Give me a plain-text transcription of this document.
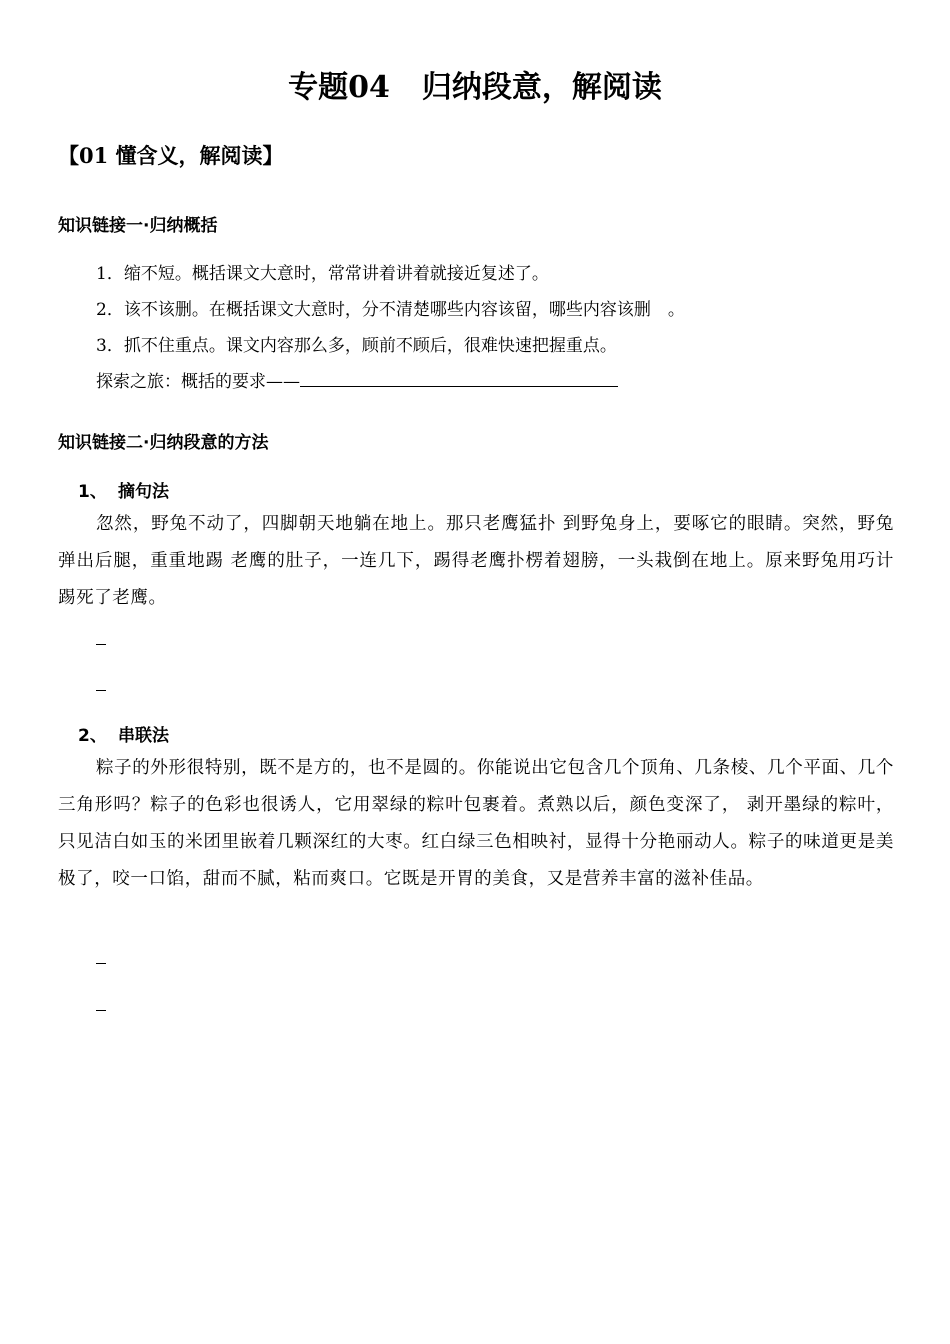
专题04 归纳段意，解阅读
【01 懂含义，解阅读】
知识链接一·归纳概括
1．缩不短。概括课文大意时，常常讲着讲着就接近复述了。
2．该不该删。在概括课文大意时，分不清楚哪些内容该留，哪些内容该删　。
3．抓不住重点。课文内容那么多，顾前不顾后，很难快速把握重点。
探索之旅：概括的要求——
知识链接二·归纳段意的方法
1、 摘句法
忽然，野兔不动了，四脚朝天地躺在地上。那只老鹰猛扑 到野兔身上，要啄它的眼睛。突然，野兔弹出后腿，重重地踢 老鹰的肚子，一连几下，踢得老鹰扑楞着翅膀，一头栽倒在地上。原来野兔用巧计踢死了老鹰。
2、 串联法
粽子的外形很特别，既不是方的，也不是圆的。你能说出它包含几个顶角、几条棱、几个平面、几个三角形吗？粽子的色彩也很诱人，它用翠绿的粽叶包裹着。煮熟以后，颜色变深了， 剥开墨绿的粽叶，只见洁白如玉的米团里嵌着几颗深红的大枣。红白绿三色相映衬，显得十分艳丽动人。粽子的味道更是美极了，咬一口馅，甜而不腻，粘而爽口。它既是开胃的美食，又是营养丰富的滋补佳品。
